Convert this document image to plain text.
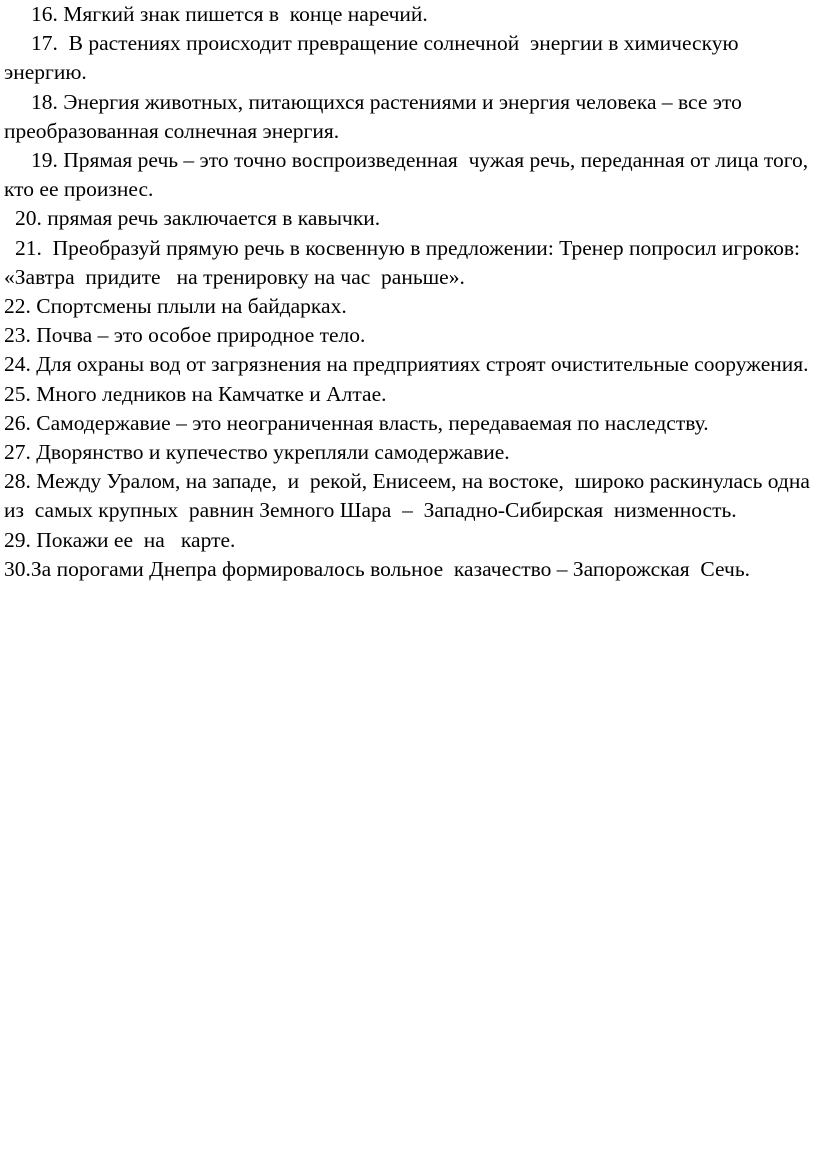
16. Мягкий знак пишется в  конце наречий.

17.  В растениях происходит превращение солнечной  энергии в химическую энергию.

18. Энергия животных, питающихся растениями и энергия человека – все это преобразованная солнечная энергия.

19. Прямая речь – это точно воспроизведенная  чужая речь, переданная от лица того, кто ее произнес.

20. прямая речь заключается в кавычки.

21.  Преобразуй прямую речь в косвенную в предложении: Тренер попросил игроков: «Завтра  придите   на тренировку на час  раньше».

22. Спортсмены плыли на байдарках.

23. Почва – это особое природное тело.

24. Для охраны вод от загрязнения на предприятиях строят очистительные сооружения.

25. Много ледников на Камчатке и Алтае.

26. Самодержавие – это неограниченная власть, передаваемая по наследству.

27. Дворянство и купечество укрепляли самодержавие.

28. Между Уралом, на западе,  и  рекой, Енисеем, на востоке,  широко раскинулась одна из  самых крупных  равнин Земного Шара  –  Западно-Сибирская  низменность.

29. Покажи ее  на   карте.

30.За порогами Днепра формировалось вольное  казачество – Запорожская  Сечь.
